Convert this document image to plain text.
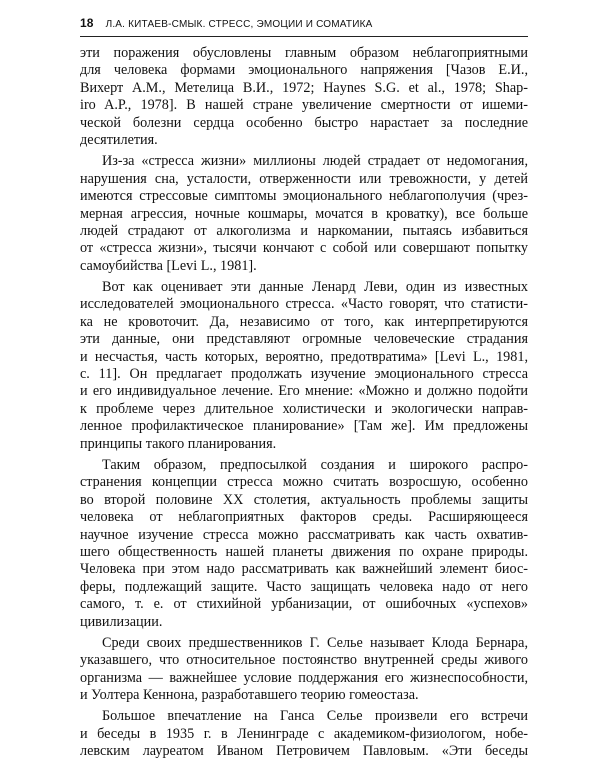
18 Л.А. КИТАЕВ-СМЫК. СТРЕСС, ЭМОЦИИ И СОМАТИКА
эти поражения обусловлены главным образом неблагоприятными
для человека формами эмоционального напряжения [Чазов Е.И.,
Вихерт А.М., Метелица В.И., 1972; Haynes S.G. et al., 1978; Shap-
iro A.P., 1978]. В нашей стране увеличение смертности от ишеми-
ческой болезни сердца особенно быстро нарастает за последние
десятилетия.
Из-за «стресса жизни» миллионы людей страдает от недомогания,
нарушения сна, усталости, отверженности или тревожности, у детей
имеются стрессовые симптомы эмоционального неблагополучия (чрез-
мерная агрессия, ночные кошмары, мочатся в кроватку), все больше
людей страдают от алкоголизма и наркомании, пытаясь избавиться
от «стресса жизни», тысячи кончают с собой или совершают попытку
самоубийства [Levi L., 1981].
Вот как оценивает эти данные Ленард Леви, один из известных
исследователей эмоционального стресса. «Часто говорят, что статисти-
ка не кровоточит. Да, независимо от того, как интерпретируются
эти данные, они представляют огромные человеческие страдания
и несчастья, часть которых, вероятно, предотвратима» [Levi L., 1981,
с. 11]. Он предлагает продолжать изучение эмоционального стресса
и его индивидуальное лечение. Его мнение: «Можно и должно подойти
к проблеме через длительное холистически и экологически направ-
ленное профилактическое планирование» [Там же]. Им предложены
принципы такого планирования.
Таким образом, предпосылкой создания и широкого распро-
странения концепции стресса можно считать возросшую, особенно
во второй половине XX столетия, актуальность проблемы защиты
человека от неблагоприятных факторов среды. Расширяющееся
научное изучение стресса можно рассматривать как часть охватив-
шего общественность нашей планеты движения по охране природы.
Человека при этом надо рассматривать как важнейший элемент биос-
феры, подлежащий защите. Часто защищать человека надо от него
самого, т. е. от стихийной урбанизации, от ошибочных «успехов»
цивилизации.
Среди своих предшественников Г. Селье называет Клода Бернара,
указавшего, что относительное постоянство внутренней среды живого
организма — важнейшее условие поддержания его жизнеспособности,
и Уолтера Кеннона, разработавшего теорию гомеостаза.
Большое впечатление на Ганса Селье произвели его встречи
и беседы в 1935 г. в Ленинграде с академиком-физиологом, нобе-
левским лауреатом Иваном Петровичем Павловым. «Эти беседы
